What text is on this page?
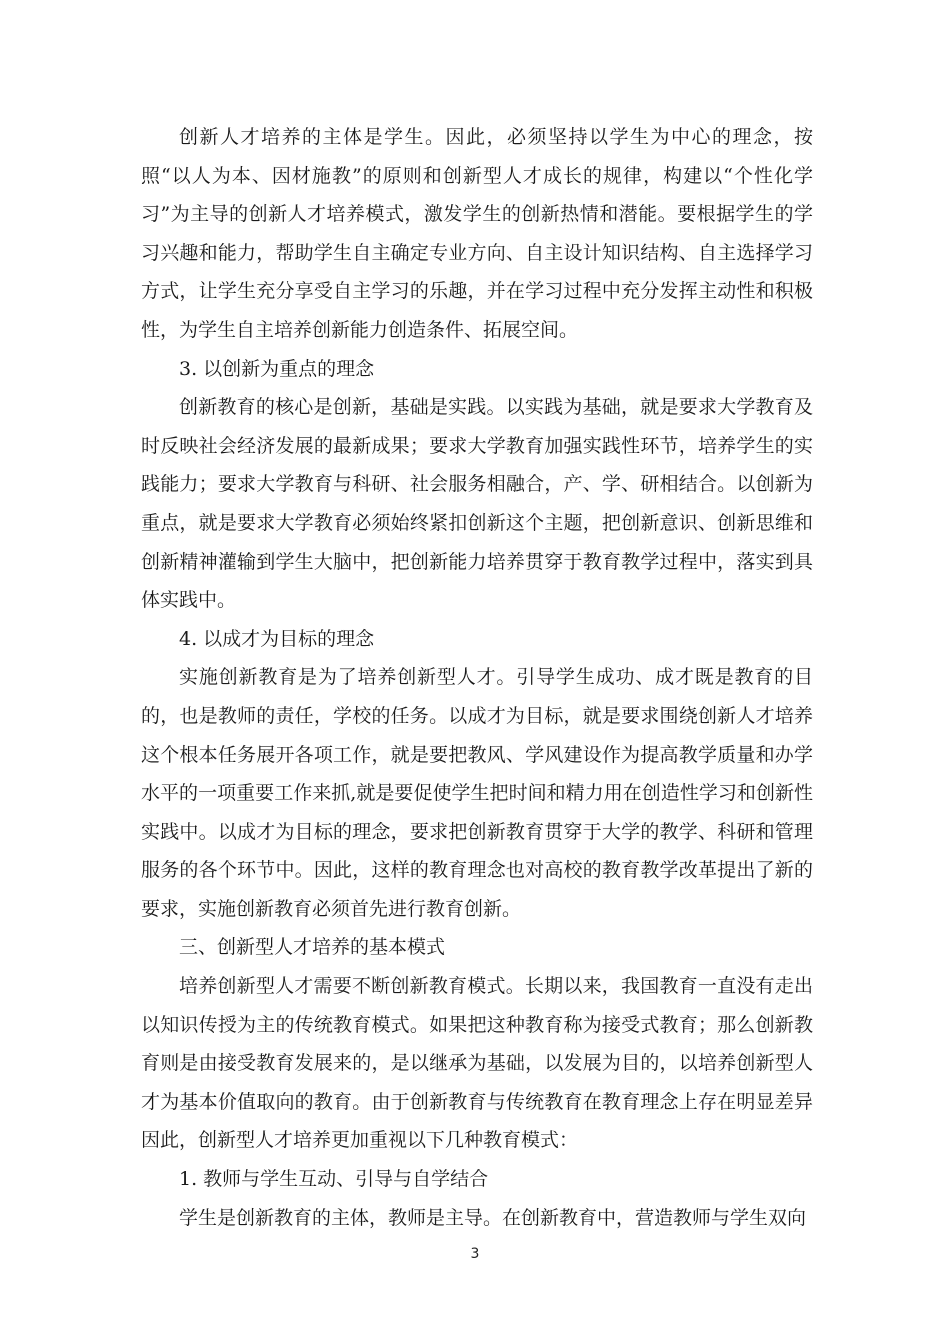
创新人才培养的主体是学生。因此，必须坚持以学生为中心的理念，按照“以人为本、因材施教”的原则和创新型人才成长的规律，构建以“个性化学习”为主导的创新人才培养模式，激发学生的创新热情和潜能。要根据学生的学习兴趣和能力，帮助学生自主确定专业方向、自主设计知识结构、自主选择学习方式，让学生充分享受自主学习的乐趣，并在学习过程中充分发挥主动性和积极性，为学生自主培养创新能力创造条件、拓展空间。

3. 以创新为重点的理念

创新教育的核心是创新，基础是实践。以实践为基础，就是要求大学教育及时反映社会经济发展的最新成果；要求大学教育加强实践性环节，培养学生的实践能力；要求大学教育与科研、社会服务相融合，产、学、研相结合。以创新为重点，就是要求大学教育必须始终紧扣创新这个主题，把创新意识、创新思维和创新精神灌输到学生大脑中，把创新能力培养贯穿于教育教学过程中，落实到具体实践中。

4. 以成才为目标的理念

实施创新教育是为了培养创新型人才。引导学生成功、成才既是教育的目的，也是教师的责任，学校的任务。以成才为目标，就是要求围绕创新人才培养这个根本任务展开各项工作，就是要把教风、学风建设作为提高教学质量和办学水平的一项重要工作来抓,就是要促使学生把时间和精力用在创造性学习和创新性实践中。以成才为目标的理念，要求把创新教育贯穿于大学的教学、科研和管理服务的各个环节中。因此，这样的教育理念也对高校的教育教学改革提出了新的要求，实施创新教育必须首先进行教育创新。

三、创新型人才培养的基本模式

培养创新型人才需要不断创新教育模式。长期以来，我国教育一直没有走出以知识传授为主的传统教育模式。如果把这种教育称为接受式教育；那么创新教育则是由接受教育发展来的，是以继承为基础，以发展为目的，以培养创新型人才为基本价值取向的教育。由于创新教育与传统教育在教育理念上存在明显差异因此，创新型人才培养更加重视以下几种教育模式：

1. 教师与学生互动、引导与自学结合

学生是创新教育的主体，教师是主导。在创新教育中，营造教师与学生双向

3
